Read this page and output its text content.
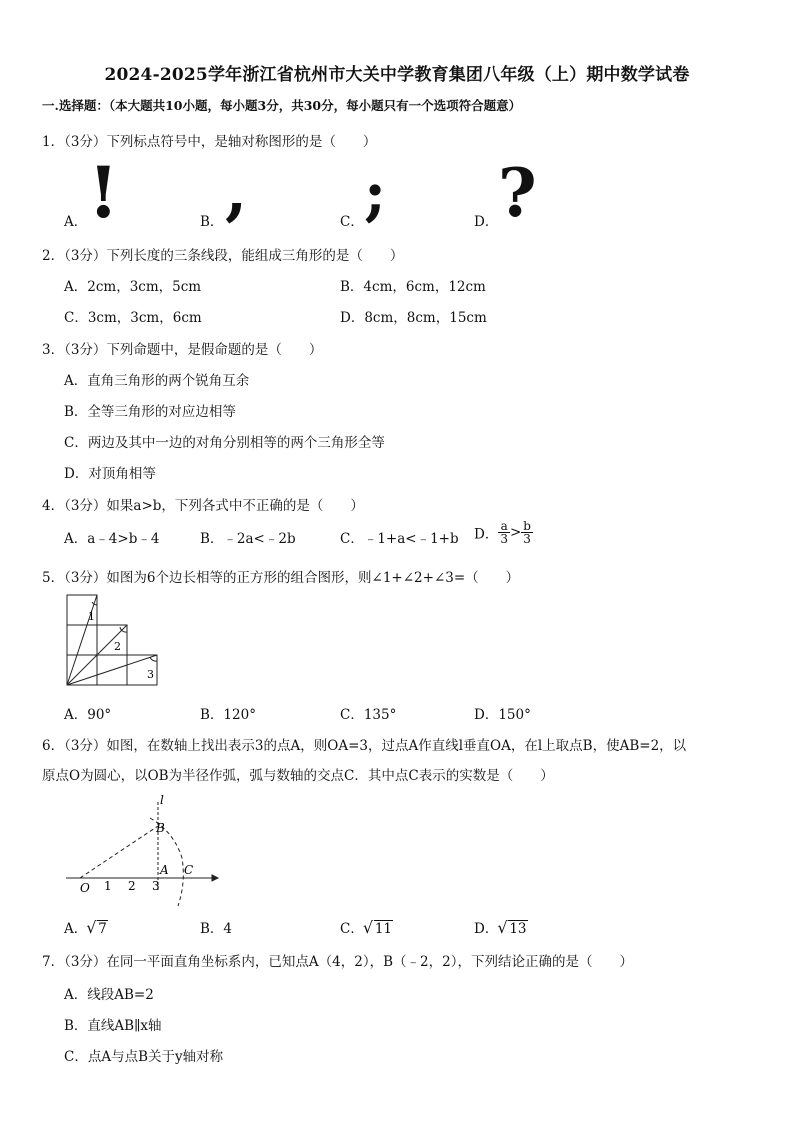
2024-2025学年浙江省杭州市大关中学教育集团八年级（上）期中数学试卷
一.选择题：（本大题共10小题，每小题3分，共30分，每小题只有一个选项符合题意）
1．（3分）下列标点符号中，是轴对称图形的是（　　）
A． !	B． ,	C． ;	D． ?
2．（3分）下列长度的三条线段，能组成三角形的是（　　）
A．2cm，3cm，5cm	B．4cm，6cm，12cm
C．3cm，3cm，6cm	D．8cm，8cm，15cm
3．（3分）下列命题中，是假命题的是（　　）
A．直角三角形的两个锐角互余
B．全等三角形的对应边相等
C．两边及其中一边的对角分别相等的两个三角形全等
D．对顶角相等
4．（3分）如果a>b，下列各式中不正确的是（　　）
A．a﹣4>b﹣4	B．﹣2a<﹣2b	C．﹣1+a<﹣1+b D． $\frac{a}{3} > \frac{b}{3}$
5．（3分）如图为6个边长相等的正方形的组合图形，则∠1+∠2+∠3=（　　）
1
2
3
A．90°	B．120°	C．135°	D．150°
6．（3分）如图，在数轴上找出表示3的点A，则OA=3，过点A作直线l垂直OA，在l上取点B，使AB=2，以
原点O为圆心，以OB为半径作弧，弧与数轴的交点C．其中点C表示的实数是（　　）
l
B
A C
O 1 2 3
A． √ 7	B．4	C． √ 11	D． √ 13
7．（3分）在同一平面直角坐标系内，已知点A（4，2），B（﹣2，2），下列结论正确的是（　　）
A．线段AB=2
B．直线AB∥x轴
C．点A与点B关于y轴对称
